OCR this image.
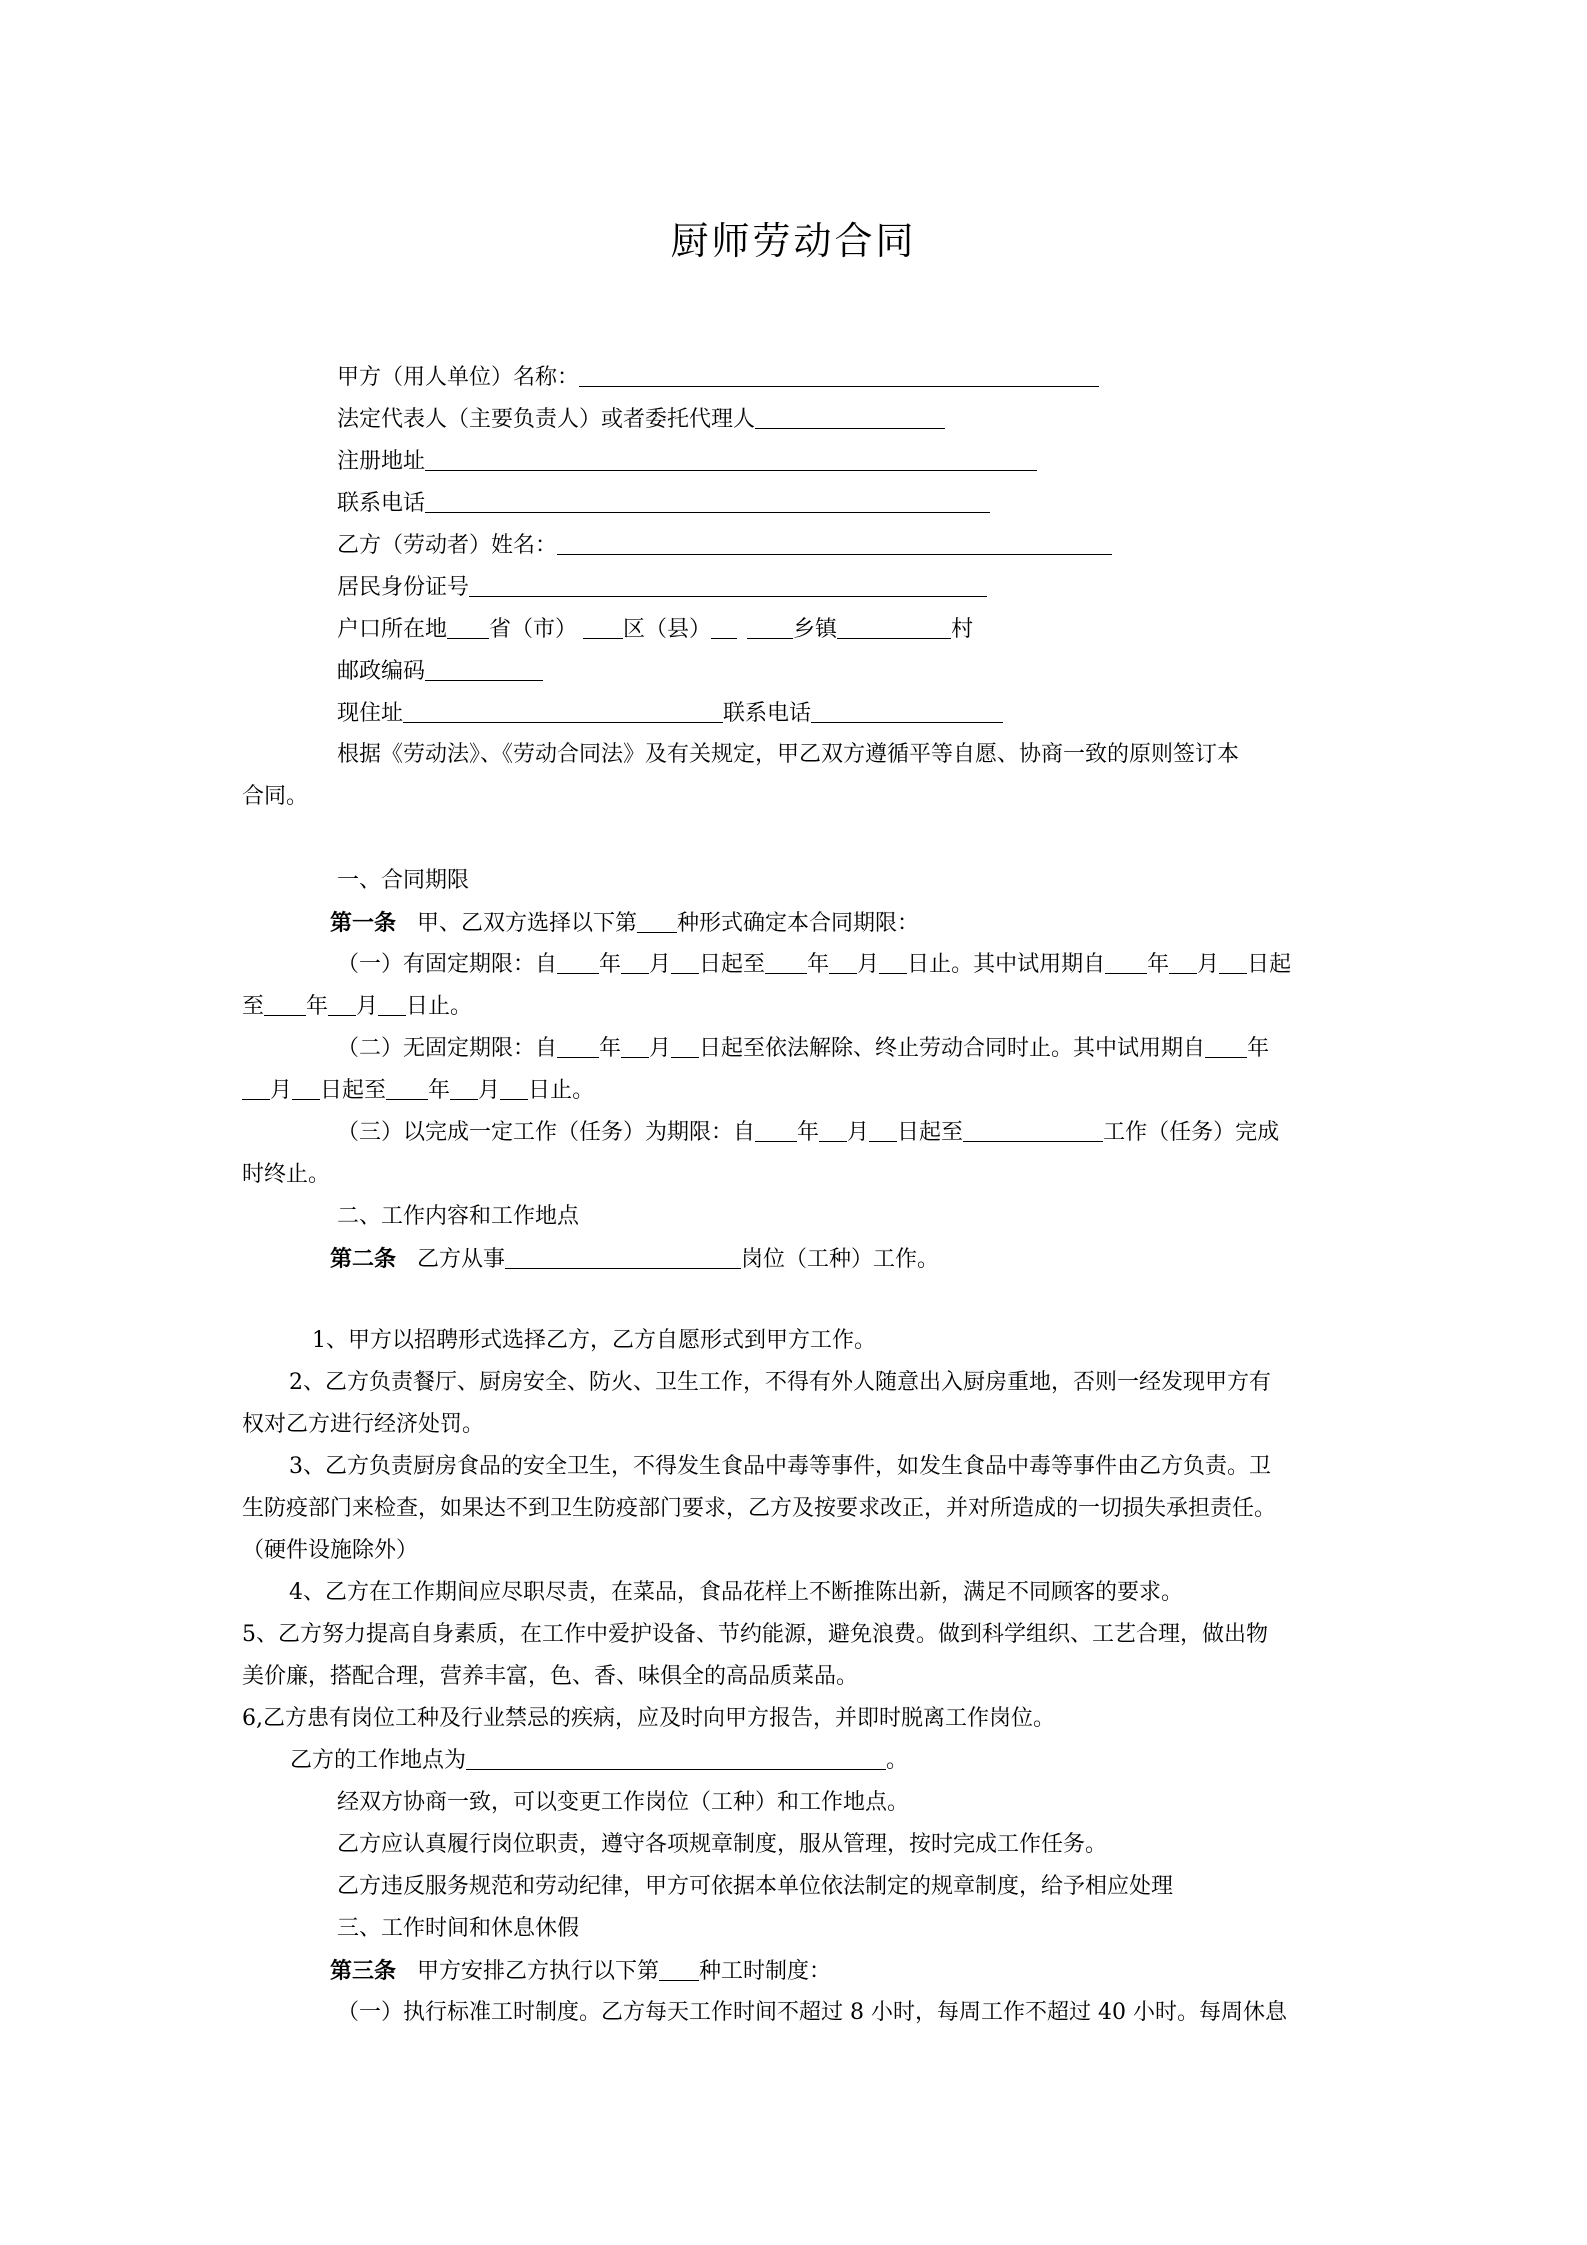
厨师劳动合同
甲方（用人单位）名称：
法定代表人（主要负责人）或者委托代理人
注册地址
联系电话
乙方（劳动者）姓名：
居民身份证号
户口所在地 省（市） 区（县）	乡镇	村
邮政编码
现住址	联系电话
根据《劳动法》、《劳动合同法》及有关规定，甲乙双方遵循平等自愿、协商一致的原则签订本
合同。
一、合同期限
第一条 甲、乙双方选择以下第 种形式确定本合同期限：
（一）有固定期限：自 年 月 日起至 年 月 日止。其中试用期自 年 月 日起
至 年 月 日止。
（二）无固定期限：自 年 月 日起至依法解除、终止劳动合同时止。其中试用期自 年
月 日起至 年 月 日止。
（三）以完成一定工作（任务）为期限：自 年 月 日起至	工作（任务）完成
时终止。
二、工作内容和工作地点
第二条 乙方从事	岗位（工种）工作。
1、甲方以招聘形式选择乙方，乙方自愿形式到甲方工作。
2、乙方负责餐厅、厨房安全、防火、卫生工作，不得有外人随意出入厨房重地，否则一经发现甲方有
权对乙方进行经济处罚。
3、乙方负责厨房食品的安全卫生，不得发生食品中毒等事件，如发生食品中毒等事件由乙方负责。卫
生防疫部门来检查，如果达不到卫生防疫部门要求，乙方及按要求改正，并对所造成的一切损失承担责任。
（硬件设施除外）
4、乙方在工作期间应尽职尽责，在菜品，食品花样上不断推陈出新，满足不同顾客的要求。
5、乙方努力提高自身素质，在工作中爱护设备、节约能源，避免浪费。做到科学组织、工艺合理，做出物
美价廉，搭配合理，营养丰富，色、香、味俱全的高品质菜品。
6,乙方患有岗位工种及行业禁忌的疾病，应及时向甲方报告，并即时脱离工作岗位。
乙方的工作地点为	。
经双方协商一致，可以变更工作岗位（工种）和工作地点。
乙方应认真履行岗位职责，遵守各项规章制度，服从管理，按时完成工作任务。
乙方违反服务规范和劳动纪律，甲方可依据本单位依法制定的规章制度，给予相应处理
三、工作时间和休息休假
第三条 甲方安排乙方执行以下第 种工时制度：
（一）执行标准工时制度。乙方每天工作时间不超过 8 小时，每周工作不超过 40 小时。每周休息
